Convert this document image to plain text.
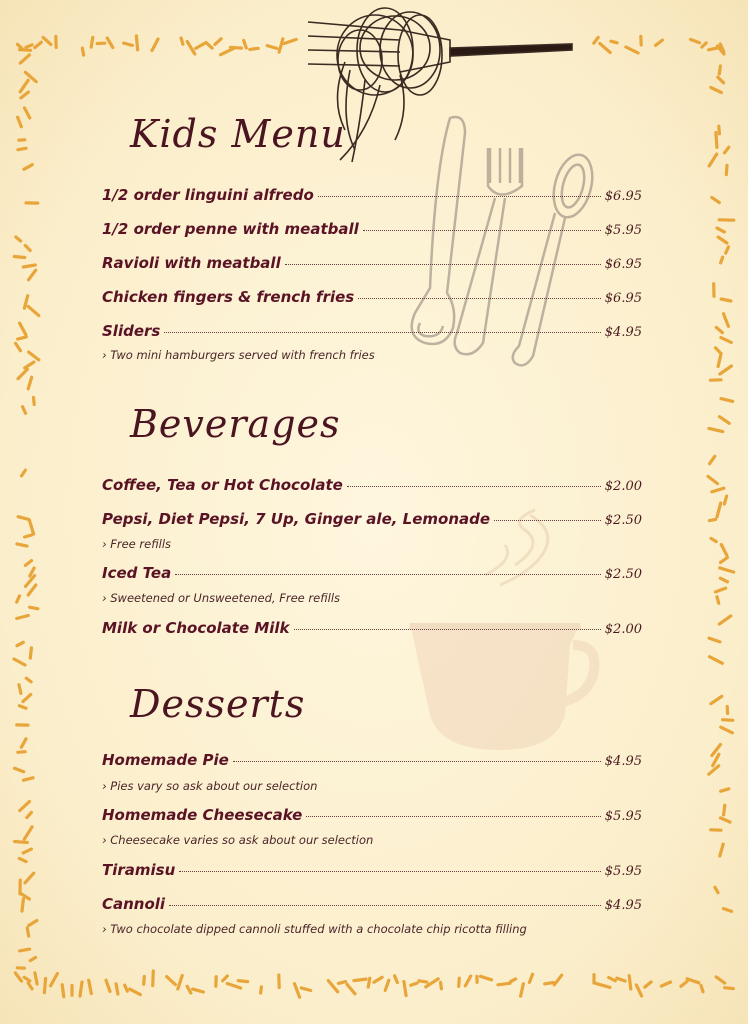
Kids Menu
Beverages
Desserts
1/2 order linguini alfredo	$6.95
1/2 order penne with meatball	$5.95
Ravioli with meatball	$6.95
Chicken fingers & french fries	$6.95
Sliders	$4.95
› Two mini hamburgers served with french fries
Coffee, Tea or Hot Chocolate	$2.00
Pepsi, Diet Pepsi, 7 Up, Ginger ale, Lemonade	$2.50
› Free refills
Iced Tea	$2.50
› Sweetened or Unsweetened, Free refills
Milk or Chocolate Milk	$2.00
Homemade Pie	$4.95
› Pies vary so ask about our selection
Homemade Cheesecake	$5.95
› Cheesecake varies so ask about our selection
Tiramisu	$5.95
Cannoli	$4.95
› Two chocolate dipped cannoli stuffed with a chocolate chip ricotta filling
